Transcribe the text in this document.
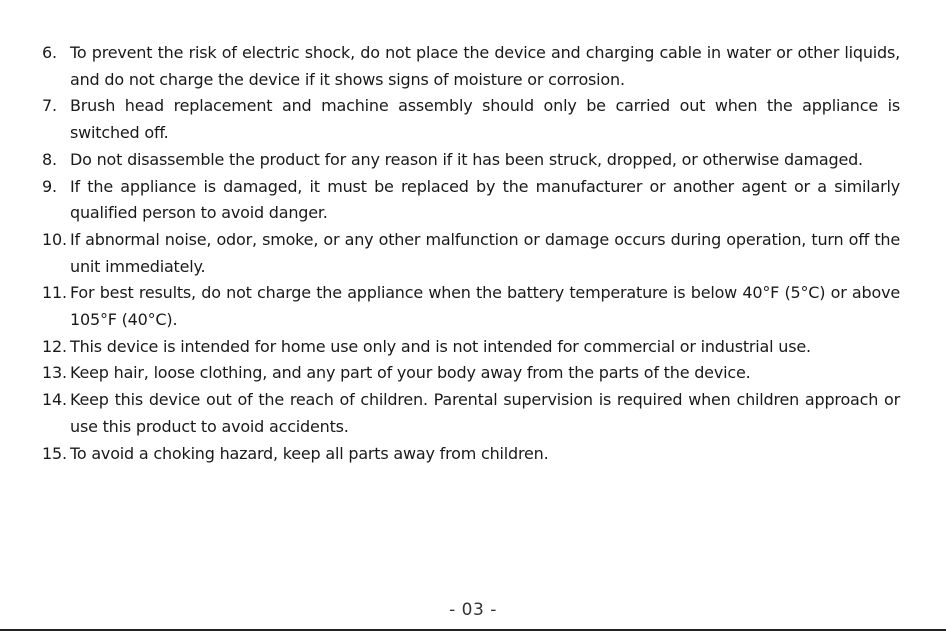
6. To prevent the risk of electric shock, do not place the device and charging cable in water or other liquids, and do not charge the device if it shows signs of moisture or corrosion.
7. Brush head replacement and machine assembly should only be carried out when the appliance is switched off.
8. Do not disassemble the product for any reason if it has been struck, dropped, or otherwise damaged.
9. If the appliance is damaged, it must be replaced by the manufacturer or another agent or a similarly qualified person to avoid danger.
10. If abnormal noise, odor, smoke, or any other malfunction or damage occurs during operation, turn off the unit immediately.
11. For best results, do not charge the appliance when the battery temperature is below 40°F (5°C) or above 105°F (40°C).
12. This device is intended for home use only and is not intended for commercial or industrial use.
13. Keep hair, loose clothing, and any part of your body away from the parts of the device.
14. Keep this device out of the reach of children. Parental supervision is required when children approach or use this product to avoid accidents.
15. To avoid a choking hazard, keep all parts away from children.
- 03 -
